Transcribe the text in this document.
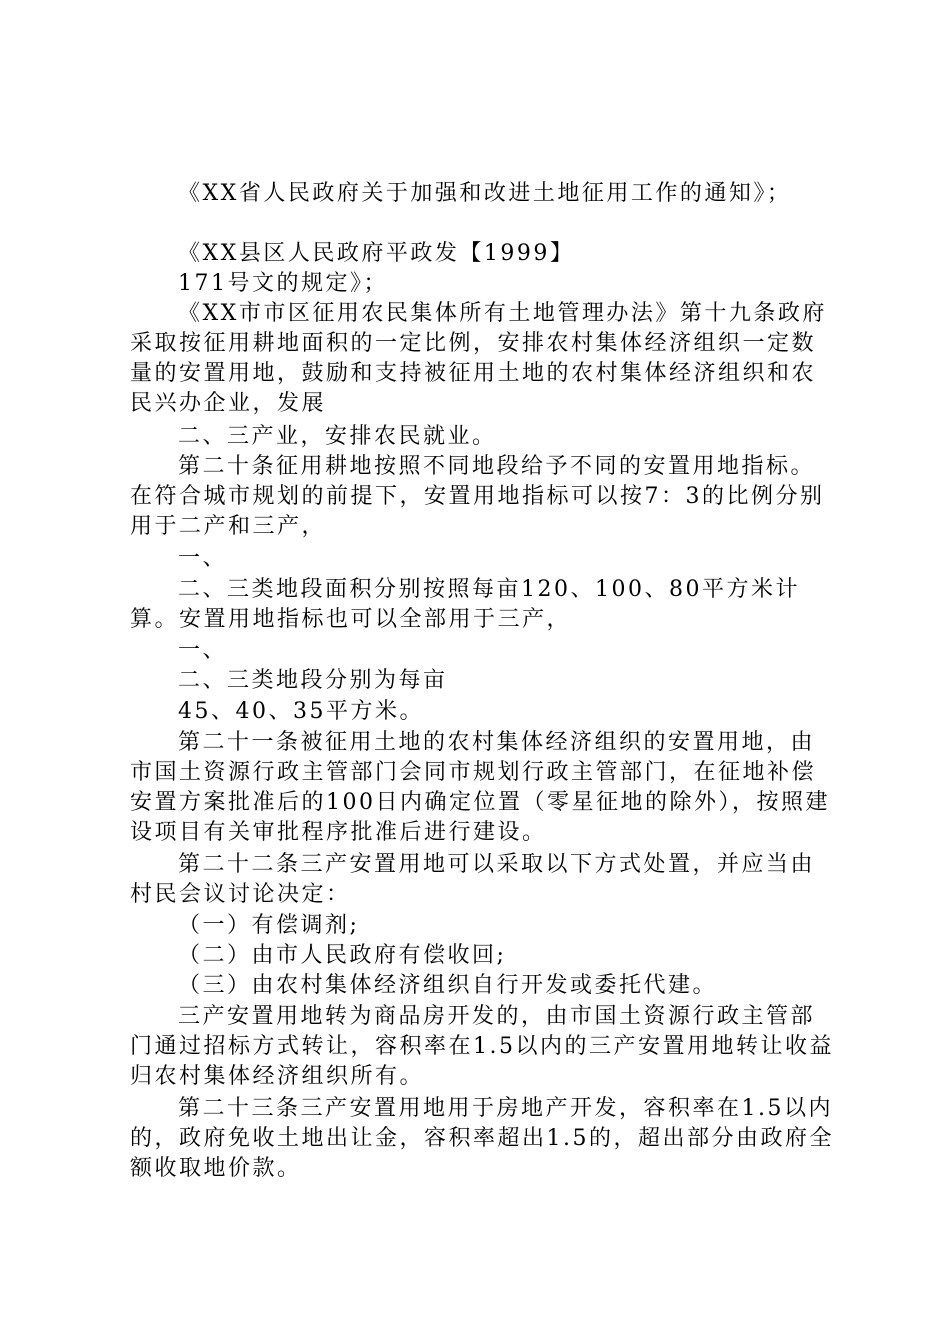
《XX省人民政府关于加强和改进土地征用工作的通知》；

《XX县区人民政府平政发【1999】

171号文的规定》；

《XX市市区征用农民集体所有土地管理办法》第十九条政府采取按征用耕地面积的一定比例，安排农村集体经济组织一定数量的安置用地，鼓励和支持被征用土地的农村集体经济组织和农民兴办企业，发展

二、三产业，安排农民就业。

第二十条征用耕地按照不同地段给予不同的安置用地指标。在符合城市规划的前提下，安置用地指标可以按7：3的比例分别用于二产和三产，

一、

二、三类地段面积分别按照每亩120、100、80平方米计算。安置用地指标也可以全部用于三产，

一、

二、三类地段分别为每亩

45、40、35平方米。

第二十一条被征用土地的农村集体经济组织的安置用地，由市国土资源行政主管部门会同市规划行政主管部门，在征地补偿安置方案批准后的100日内确定位置（零星征地的除外），按照建设项目有关审批程序批准后进行建设。

第二十二条三产安置用地可以采取以下方式处置，并应当由村民会议讨论决定：

（一）有偿调剂;

（二）由市人民政府有偿收回;

（三）由农村集体经济组织自行开发或委托代建。

三产安置用地转为商品房开发的，由市国土资源行政主管部门通过招标方式转让，容积率在1.5以内的三产安置用地转让收益归农村集体经济组织所有。

第二十三条三产安置用地用于房地产开发，容积率在1.5以内的，政府免收土地出让金，容积率超出1.5的，超出部分由政府全额收取地价款。
